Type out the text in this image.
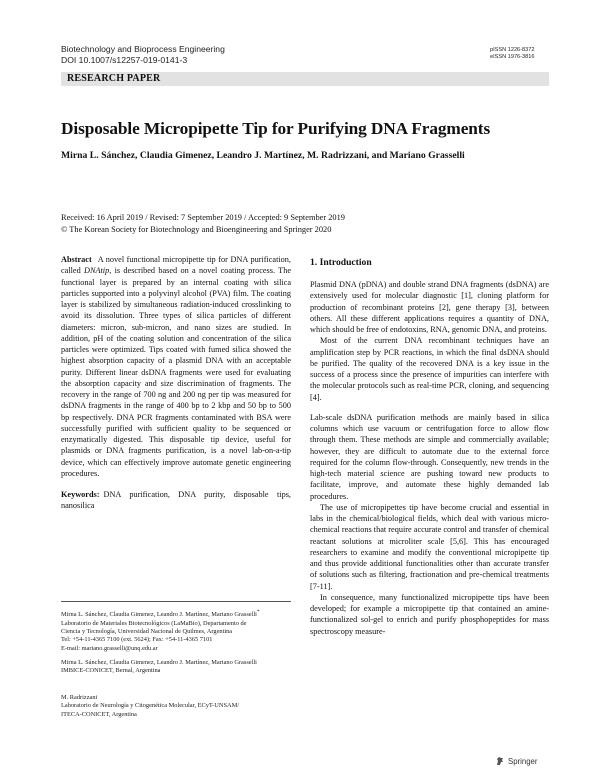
Biotechnology and Bioprocess Engineering
DOI 10.1007/s12257-019-0141-3
pISSN 1226-8372
eISSN 1976-3816
RESEARCH PAPER
Disposable Micropipette Tip for Purifying DNA Fragments
Mirna L. Sánchez, Claudia Gimenez, Leandro J. Martínez, M. Radrizzani, and Mariano Grasselli
Received: 16 April 2019 / Revised: 7 September 2019 / Accepted: 9 September 2019
© The Korean Society for Biotechnology and Bioengineering and Springer 2020

Abstract A novel functional micropipette tip for DNA purification, called DNAtip, is described based on a novel coating process. The functional layer is prepared by an internal coating with silica particles supported into a polyvinyl alcohol (PVA) film. The coating layer is stabilized by simultaneous radiation-induced crosslinking to avoid its dissolution. Three types of silica particles of different diameters: micron, sub-micron, and nano sizes are studied. In addition, pH of the coating solution and concentration of the silica particles were optimized. Tips coated with fumed silica showed the highest absorption capacity of a plasmid DNA with an acceptable purity. Different linear dsDNA fragments were used for evaluating the absorption capacity and size discrimination of fragments. The recovery in the range of 700 ng and 200 ng per tip was measured for dsDNA fragments in the range of 400 bp to 2 kbp and 50 bp to 500 bp respectively. DNA PCR fragments contaminated with BSA were successfully purified with sufficient quality to be sequenced or enzymatically digested. This disposable tip device, useful for plasmids or DNA fragments purification, is a novel lab-on-a-tip device, which can effectively improve automate genetic engineering procedures.

Keywords: DNA purification, DNA purity, disposable tips, nanosilica

Mirna L. Sánchez, Claudia Gimenez, Leandro J. Martínez, Mariano Grasselli*
Laboratorio de Materiales Biotecnológicos (LaMaBio), Departamento de
Ciencia y Tecnología, Universidad Nacional de Quilmes, Argentina
Tel: +54-11-4365 7100 (ext. 5624); Fax: +54-11-4365 7101
E-mail: mariano.grasselli@unq.edu.ar
Mirna L. Sánchez, Claudia Gimenez, Leandro J. Martínez, Mariano Grasselli
IMBICE-CONICET, Bernal, Argentina
M. Radrizzani
Laboratorio de Neurología y Citogenética Molecular, ECyT-UNSAM/
ITECA-CONICET, Argentina

1. Introduction

Plasmid DNA (pDNA) and double strand DNA fragments (dsDNA) are extensively used for molecular diagnostic [1], cloning platform for production of recombinant proteins [2], gene therapy [3], between others. All these different applications requires a quantity of DNA, which should be free of endotoxins, RNA, genomic DNA, and proteins.

Most of the current DNA recombinant techniques have an amplification step by PCR reactions, in which the final dsDNA should be purified. The quality of the recovered DNA is a key issue in the success of a process since the presence of impurities can interfere with the molecular protocols such as real-time PCR, cloning, and sequencing [4].

Lab-scale dsDNA purification methods are mainly based in silica columns which use vacuum or centrifugation force to allow flow through them. These methods are simple and commercially available; however, they are difficult to automate due to the external force required for the column flow-through. Consequently, new trends in the high-tech material science are pushing toward new products to facilitate, improve, and automate these highly demanded lab procedures.

The use of micropipettes tip have become crucial and essential in labs in the chemical/biological fields, which deal with various micro-chemical reactions that require accurate control and transfer of chemical reactant solutions at microliter scale [5,6]. This has encouraged researchers to examine and modify the conventional micropipette tip and thus provide additional functionalities other than accurate transfer of solutions such as filtering, fractionation and pre-chemical treatments [7-11].

In consequence, many functionalized micropipette tips have been developed; for example a micropipette tip that contained an amine-functionalized sol-gel to enrich and purify phosphopeptides for mass spectroscopy measure-

Springer
